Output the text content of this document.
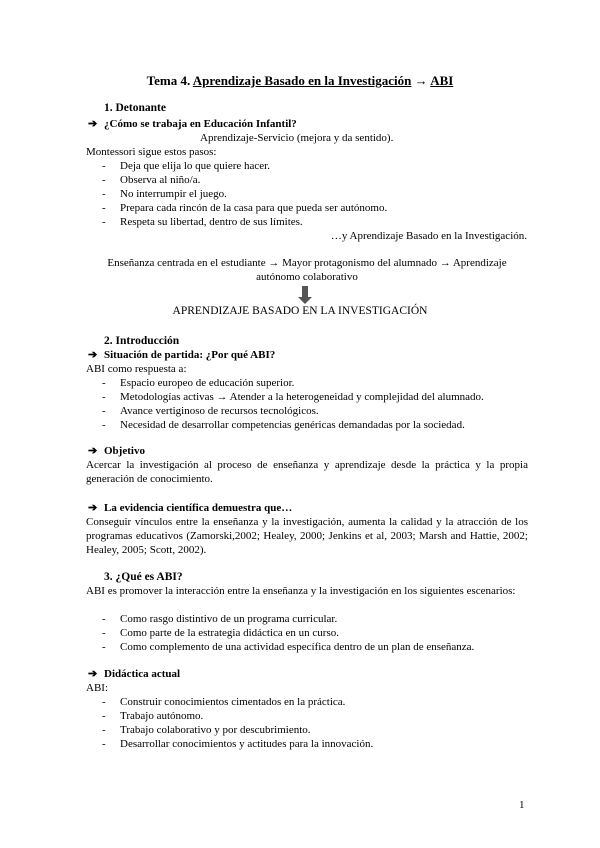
Tema 4. Aprendizaje Basado en la Investigación → ABI
1. Detonante
➔ ¿Cómo se trabaja en Educación Infantil?
Aprendizaje-Servicio (mejora y da sentido).
Montessori sigue estos pasos:
- Deja que elija lo que quiere hacer.
- Observa al niño/a.
- No interrumpir el juego.
- Prepara cada rincón de la casa para que pueda ser autónomo.
- Respeta su libertad, dentro de sus límites.
…y Aprendizaje Basado en la Investigación.
Enseñanza centrada en el estudiante → Mayor protagonismo del alumnado → Aprendizaje autónomo colaborativo
APRENDIZAJE BASADO EN LA INVESTIGACIÓN
2. Introducción
➔ Situación de partida: ¿Por qué ABI?
ABI como respuesta a:
- Espacio europeo de educación superior.
- Metodologías activas → Atender a la heterogeneidad y complejidad del alumnado.
- Avance vertiginoso de recursos tecnológicos.
- Necesidad de desarrollar competencias genéricas demandadas por la sociedad.
➔ Objetivo
Acercar la investigación al proceso de enseñanza y aprendizaje desde la práctica y la propia generación de conocimiento.
➔ La evidencia científica demuestra que…
Conseguir vínculos entre la enseñanza y la investigación, aumenta la calidad y la atracción de los programas educativos (Zamorski,2002; Healey, 2000; Jenkins et al, 2003; Marsh and Hattie, 2002; Healey, 2005; Scott, 2002).
3. ¿Qué es ABI?
ABI es promover la interacción entre la enseñanza y la investigación en los siguientes escenarios:
- Como rasgo distintivo de un programa curricular.
- Como parte de la estrategia didáctica en un curso.
- Como complemento de una actividad específica dentro de un plan de enseñanza.
➔ Didáctica actual
ABI:
- Construir conocimientos cimentados en la práctica.
- Trabajo autónomo.
- Trabajo colaborativo y por descubrimiento.
- Desarrollar conocimientos y actitudes para la innovación.
1
